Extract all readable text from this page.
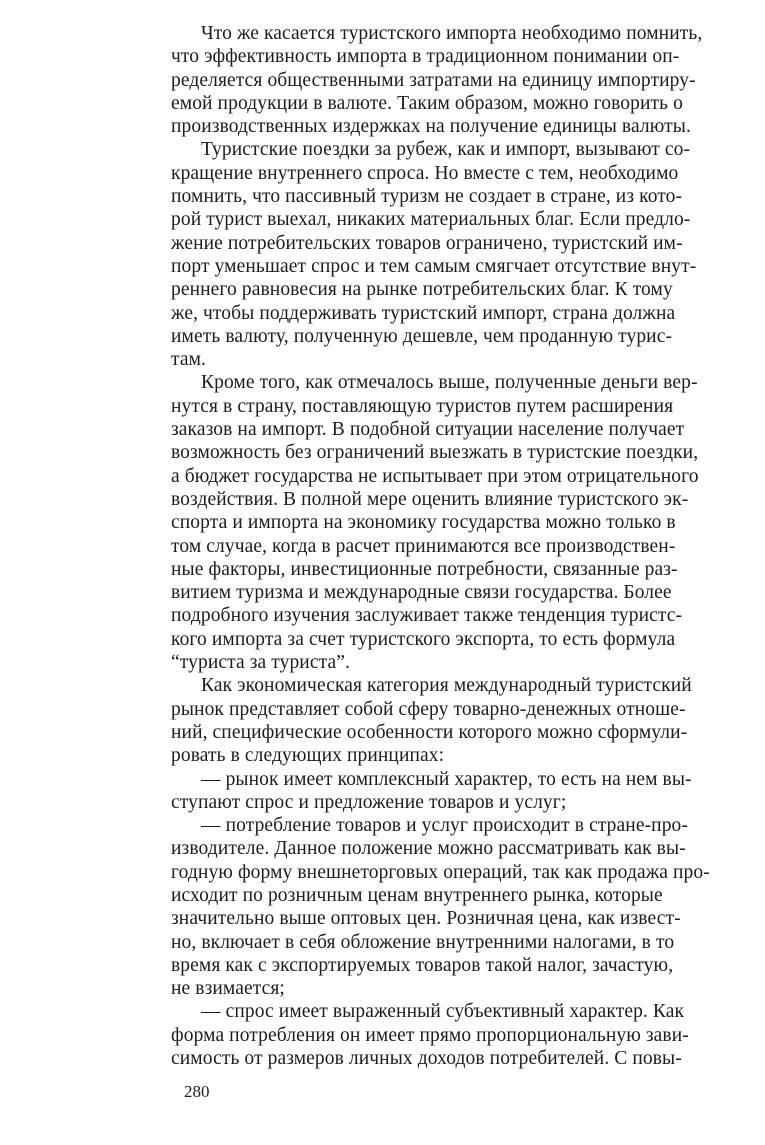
Что же касается туристского импорта необходимо помнить,
что эффективность импорта в традиционном понимании оп-
ределяется общественными затратами на единицу импортиру-
емой продукции в валюте. Таким образом, можно говорить о
производственных издержках на получение единицы валюты.
Туристские поездки за рубеж, как и импорт, вызывают со-
кращение внутреннего спроса. Но вместе с тем, необходимо
помнить, что пассивный туризм не создает в стране, из кото-
рой турист выехал, никаких материальных благ. Если предло-
жение потребительских товаров ограничено, туристский им-
порт уменьшает спрос и тем самым смягчает отсутствие внут-
реннего равновесия на рынке потребительских благ. К тому
же, чтобы поддерживать туристский импорт, страна должна
иметь валюту, полученную дешевле, чем проданную турис-
там.
Кроме того, как отмечалось выше, полученные деньги вер-
нутся в страну, поставляющую туристов путем расширения
заказов на импорт. В подобной ситуации население получает
возможность без ограничений выезжать в туристские поездки,
а бюджет государства не испытывает при этом отрицательного
воздействия. В полной мере оценить влияние туристского эк-
спорта и импорта на экономику государства можно только в
том случае, когда в расчет принимаются все производствен-
ные факторы, инвестиционные потребности, связанные раз-
витием туризма и международные связи государства. Более
подробного изучения заслуживает также тенденция туристс-
кого импорта за счет туристского экспорта, то есть формула
“туриста за туриста”.
Как экономическая категория международный туристский
рынок представляет собой сферу товарно-денежных отноше-
ний, специфические особенности которого можно сформули-
ровать в следующих принципах:
— рынок имеет комплексный характер, то есть на нем вы-
ступают спрос и предложение товаров и услуг;
— потребление товаров и услуг происходит в стране-про-
изводителе. Данное положение можно рассматривать как вы-
годную форму внешнеторговых операций, так как продажа про-
исходит по розничным ценам внутреннего рынка, которые
значительно выше оптовых цен. Розничная цена, как извест-
но, включает в себя обложение внутренними налогами, в то
время как с экспортируемых товаров такой налог, зачастую,
не взимается;
— спрос имеет выраженный субъективный характер. Как
форма потребления он имеет прямо пропорциональную зави-
симость от размеров личных доходов потребителей. С повы-
280
